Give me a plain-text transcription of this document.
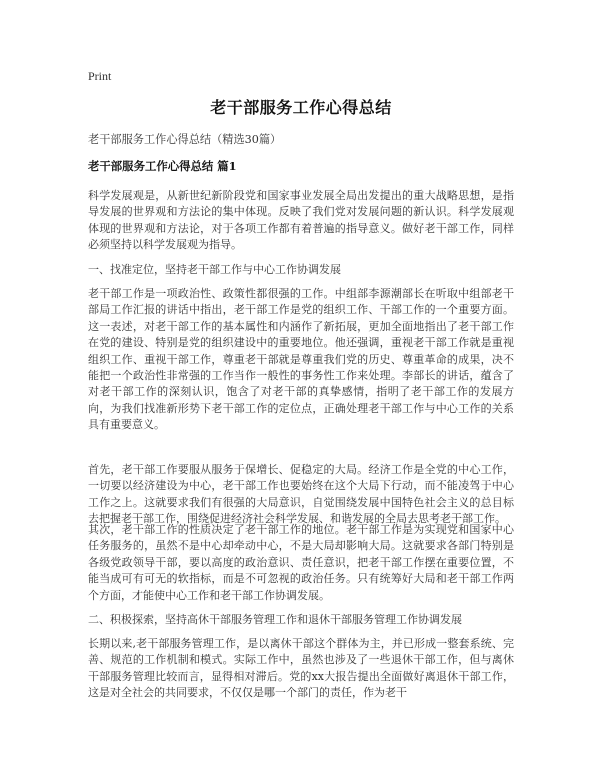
Print
老干部服务工作心得总结
老干部服务工作心得总结（精选30篇）
老干部服务工作心得总结 篇1

科学发展观是，从新世纪新阶段党和国家事业发展全局出发提出的重大战略思想，是指导发展的世界观和方法论的集中体现。反映了我们党对发展问题的新认识。科学发展观体现的世界观和方法论，对于各项工作都有着普遍的指导意义。做好老干部工作，同样必须坚持以科学发展观为指导。

一、找准定位，坚持老干部工作与中心工作协调发展

老干部工作是一项政治性、政策性都很强的工作。中组部李源潮部长在听取中组部老干部局工作汇报的讲话中指出，老干部工作是党的组织工作、干部工作的一个重要方面。这一表述，对老干部工作的基本属性和内涵作了新拓展，更加全面地指出了老干部工作在党的建设、特别是党的组织建设中的重要地位。他还强调，重视老干部工作就是重视组织工作、重视干部工作，尊重老干部就是尊重我们党的历史、尊重革命的成果，决不能把一个政治性非常强的工作当作一般性的事务性工作来处理。李部长的讲话，蕴含了对老干部工作的深刻认识，饱含了对老干部的真挚感情，指明了老干部工作的发展方向，为我们找准新形势下老干部工作的定位点，正确处理老干部工作与中心工作的关系具有重要意义。

首先，老干部工作要服从服务于保增长、促稳定的大局。经济工作是全党的中心工作，一切要以经济建设为中心，老干部工作也要始终在这个大局下行动，而不能凌驾于中心工作之上。这就要求我们有很强的大局意识，自觉围绕发展中国特色社会主义的总目标去把握老干部工作，围绕促进经济社会科学发展、和谐发展的全局去思考老干部工作。

其次，老干部工作的性质决定了老干部工作的地位。老干部工作是为实现党和国家中心任务服务的，虽然不是中心却牵动中心，不是大局却影响大局。这就要求各部门特别是各级党政领导干部，要以高度的政治意识、责任意识，把老干部工作摆在重要位置，不能当成可有可无的软指标，而是不可忽视的政治任务。只有统筹好大局和老干部工作两个方面，才能使中心工作和老干部工作协调发展。

二、积极探索，坚持高休干部服务管理工作和退休干部服务管理工作协调发展

长期以来,老干部服务管理工作，是以离休干部这个群体为主，并已形成一整套系统、完善、规范的工作机制和模式。实际工作中，虽然也涉及了一些退休干部工作，但与离休干部服务管理比较而言，显得相对滞后。党的xx大报告提出全面做好离退休干部工作，这是对全社会的共同要求，不仅仅是哪一个部门的责任，作为老干
